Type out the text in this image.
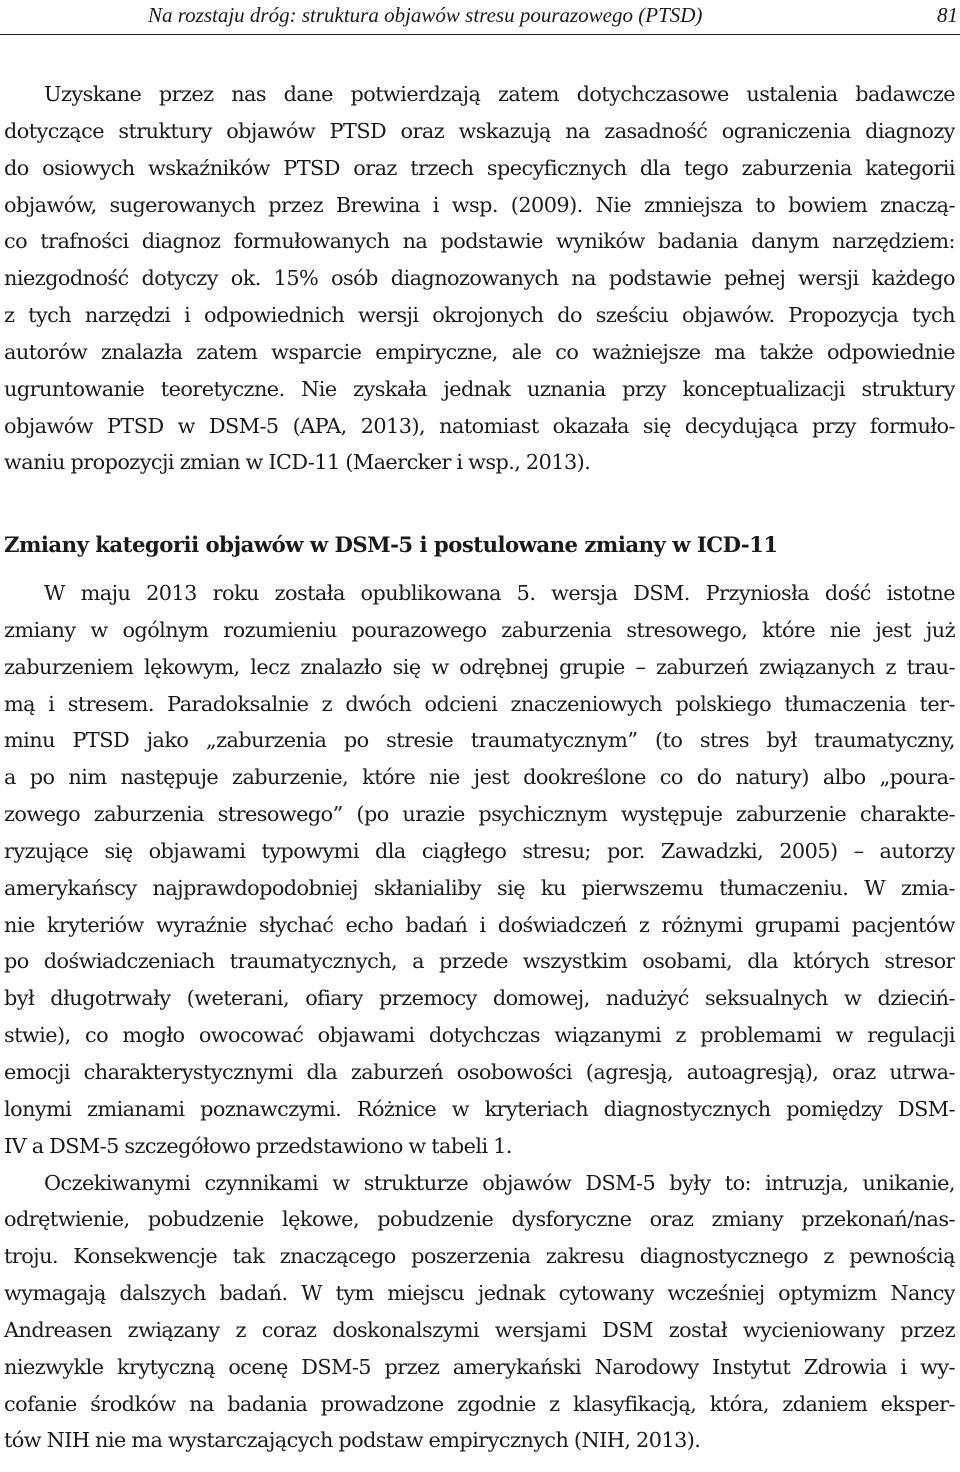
Na rozstaju dróg: struktura objawów stresu pourazowego (PTSD)	81
Uzyskane przez nas dane potwierdzają zatem dotychczasowe ustalenia badawcze
dotyczące struktury objawów PTSD oraz wskazują na zasadność ograniczenia diagnozy
do osiowych wskaźników PTSD oraz trzech specyficznych dla tego zaburzenia kategorii
objawów, sugerowanych przez Brewina i wsp. (2009). Nie zmniejsza to bowiem znaczą-
co trafności diagnoz formułowanych na podstawie wyników badania danym narzędziem:
niezgodność dotyczy ok. 15% osób diagnozowanych na podstawie pełnej wersji każdego
z tych narzędzi i odpowiednich wersji okrojonych do sześciu objawów. Propozycja tych
autorów znalazła zatem wsparcie empiryczne, ale co ważniejsze ma także odpowiednie
ugruntowanie teoretyczne. Nie zyskała jednak uznania przy konceptualizacji struktury
objawów PTSD w DSM-5 (APA, 2013), natomiast okazała się decydująca przy formuło-
waniu propozycji zmian w ICD-11 (Maercker i wsp., 2013).
Zmiany kategorii objawów w DSM-5 i postulowane zmiany w ICD-11
W maju 2013 roku została opublikowana 5. wersja DSM. Przyniosła dość istotne
zmiany w ogólnym rozumieniu pourazowego zaburzenia stresowego, które nie jest już
zaburzeniem lękowym, lecz znalazło się w odrębnej grupie – zaburzeń związanych z trau-
mą i stresem. Paradoksalnie z dwóch odcieni znaczeniowych polskiego tłumaczenia ter-
minu PTSD jako „zaburzenia po stresie traumatycznym” (to stres był traumatyczny,
a po nim następuje zaburzenie, które nie jest dookreślone co do natury) albo „poura-
zowego zaburzenia stresowego” (po urazie psychicznym występuje zaburzenie charakte-
ryzujące się objawami typowymi dla ciągłego stresu; por. Zawadzki, 2005) – autorzy
amerykańscy najprawdopodobniej skłanialiby się ku pierwszemu tłumaczeniu. W zmia-
nie kryteriów wyraźnie słychać echo badań i doświadczeń z różnymi grupami pacjentów
po doświadczeniach traumatycznych, a przede wszystkim osobami, dla których stresor
był długotrwały (weterani, ofiary przemocy domowej, nadużyć seksualnych w dzieciń-
stwie), co mogło owocować objawami dotychczas wiązanymi z problemami w regulacji
emocji charakterystycznymi dla zaburzeń osobowości (agresją, autoagresją), oraz utrwa-
lonymi zmianami poznawczymi. Różnice w kryteriach diagnostycznych pomiędzy DSM-
IV a DSM-5 szczegółowo przedstawiono w tabeli 1.
Oczekiwanymi czynnikami w strukturze objawów DSM-5 były to: intruzja, unikanie,
odrętwienie, pobudzenie lękowe, pobudzenie dysforyczne oraz zmiany przekonań/nas-
troju. Konsekwencje tak znaczącego poszerzenia zakresu diagnostycznego z pewnością
wymagają dalszych badań. W tym miejscu jednak cytowany wcześniej optymizm Nancy
Andreasen związany z coraz doskonalszymi wersjami DSM został wycieniowany przez
niezwykle krytyczną ocenę DSM-5 przez amerykański Narodowy Instytut Zdrowia i wy-
cofanie środków na badania prowadzone zgodnie z klasyfikacją, która, zdaniem eksper-
tów NIH nie ma wystarczających podstaw empirycznych (NIH, 2013).
